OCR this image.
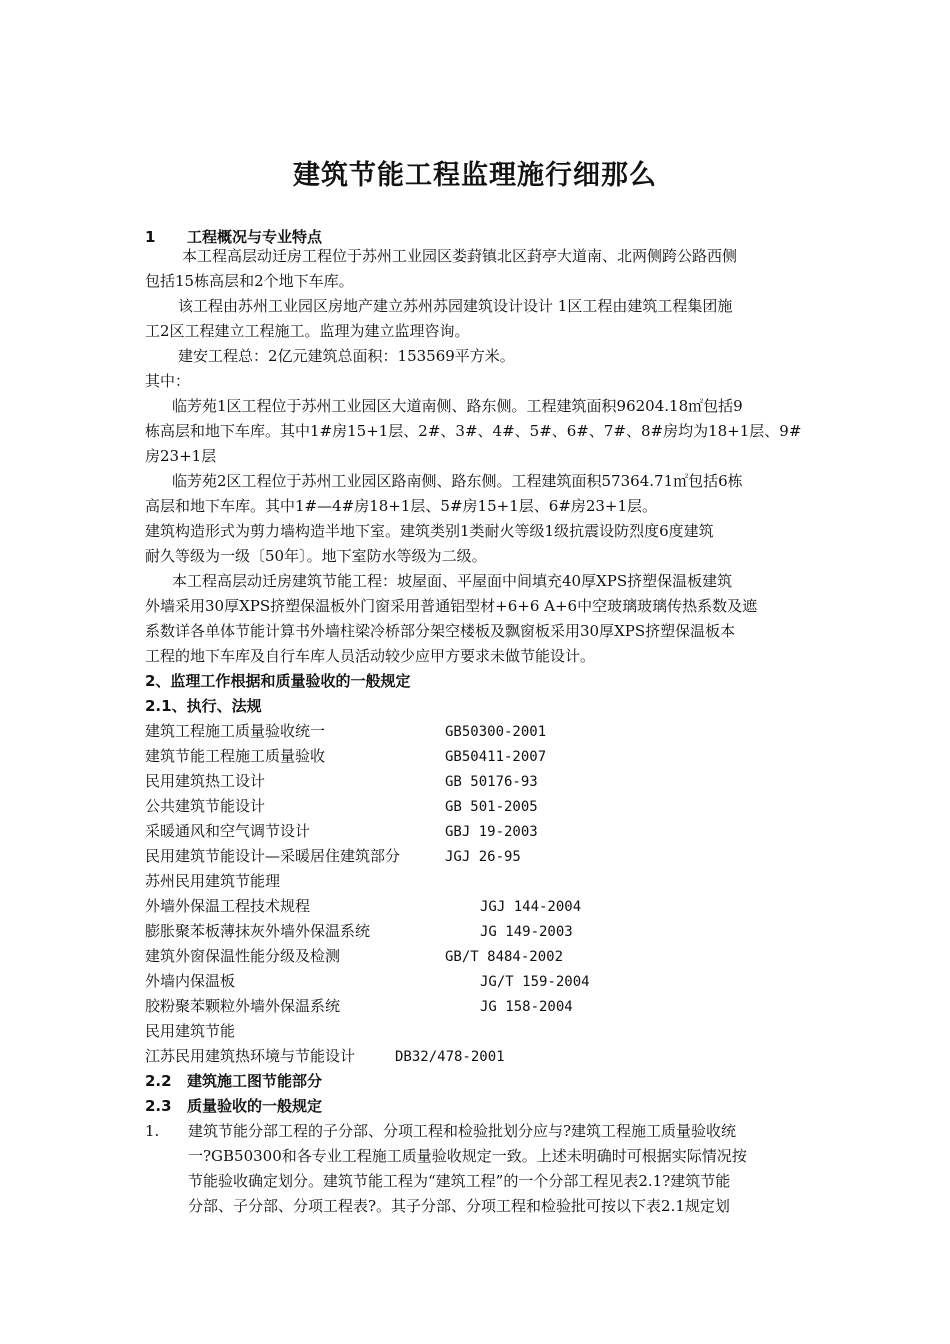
建筑节能工程监理施行细那么
1 工程概况与专业特点
本工程高层动迁房工程位于苏州工业园区娄葑镇北区葑亭大道南、北两侧跨公路西侧
包括15栋高层和2个地下车库。
该工程由苏州工业园区房地产建立苏州苏园建筑设计设计 1区工程由建筑工程集团施
工2区工程建立工程施工。监理为建立监理咨询。
建安工程总：2亿元建筑总面积：153569平方米。
其中：
临芳苑1区工程位于苏州工业园区大道南侧、路东侧。工程建筑面积96204.18㎡包括9
栋高层和地下车库。其中1#房15+1层、2#、3#、4#、5#、6#、7#、8#房均为18+1层、9#
房23+1层
临芳苑2区工程位于苏州工业园区路南侧、路东侧。工程建筑面积57364.71㎡包括6栋
高层和地下车库。其中1#—4#房18+1层、5#房15+1层、6#房23+1层。
建筑构造形式为剪力墙构造半地下室。建筑类别1类耐火等级1级抗震设防烈度6度建筑
耐久等级为一级〔50年〕。地下室防水等级为二级。
本工程高层动迁房建筑节能工程：坡屋面、平屋面中间填充40厚XPS挤塑保温板建筑
外墙采用30厚XPS挤塑保温板外门窗采用普通铝型材+6+6 A+6中空玻璃玻璃传热系数及遮
系数详各单体节能计算书外墙柱梁冷桥部分架空楼板及飘窗板采用30厚XPS挤塑保温板本
工程的地下车库及自行车库人员活动较少应甲方要求未做节能设计。
2、监理工作根据和质量验收的一般规定
2.1、执行、法规
建筑工程施工质量验收统一	GB50300-2001
建筑节能工程施工质量验收	GB50411-2007
民用建筑热工设计	GB 50176-93
公共建筑节能设计	GB 501-2005
采暖通风和空气调节设计	GBJ 19-2003
民用建筑节能设计—采暖居住建筑部分	JGJ 26-95
苏州民用建筑节能理
外墙外保温工程技术规程	JGJ 144-2004
膨胀聚苯板薄抹灰外墙外保温系统	JG 149-2003
建筑外窗保温性能分级及检测	GB/T 8484-2002
外墙内保温板	JG/T 159-2004
胶粉聚苯颗粒外墙外保温系统	JG 158-2004
民用建筑节能
江苏民用建筑热环境与节能设计	DB32/478-2001
2.2 建筑施工图节能部分
2.3 质量验收的一般规定
1.	建筑节能分部工程的子分部、分项工程和检验批划分应与?建筑工程施工质量验收统
一?GB50300和各专业工程施工质量验收规定一致。上述未明确时可根据实际情况按
节能验收确定划分。建筑节能工程为“建筑工程”的一个分部工程见表2.1?建筑节能
分部、子分部、分项工程表?。其子分部、分项工程和检验批可按以下表2.1规定划
